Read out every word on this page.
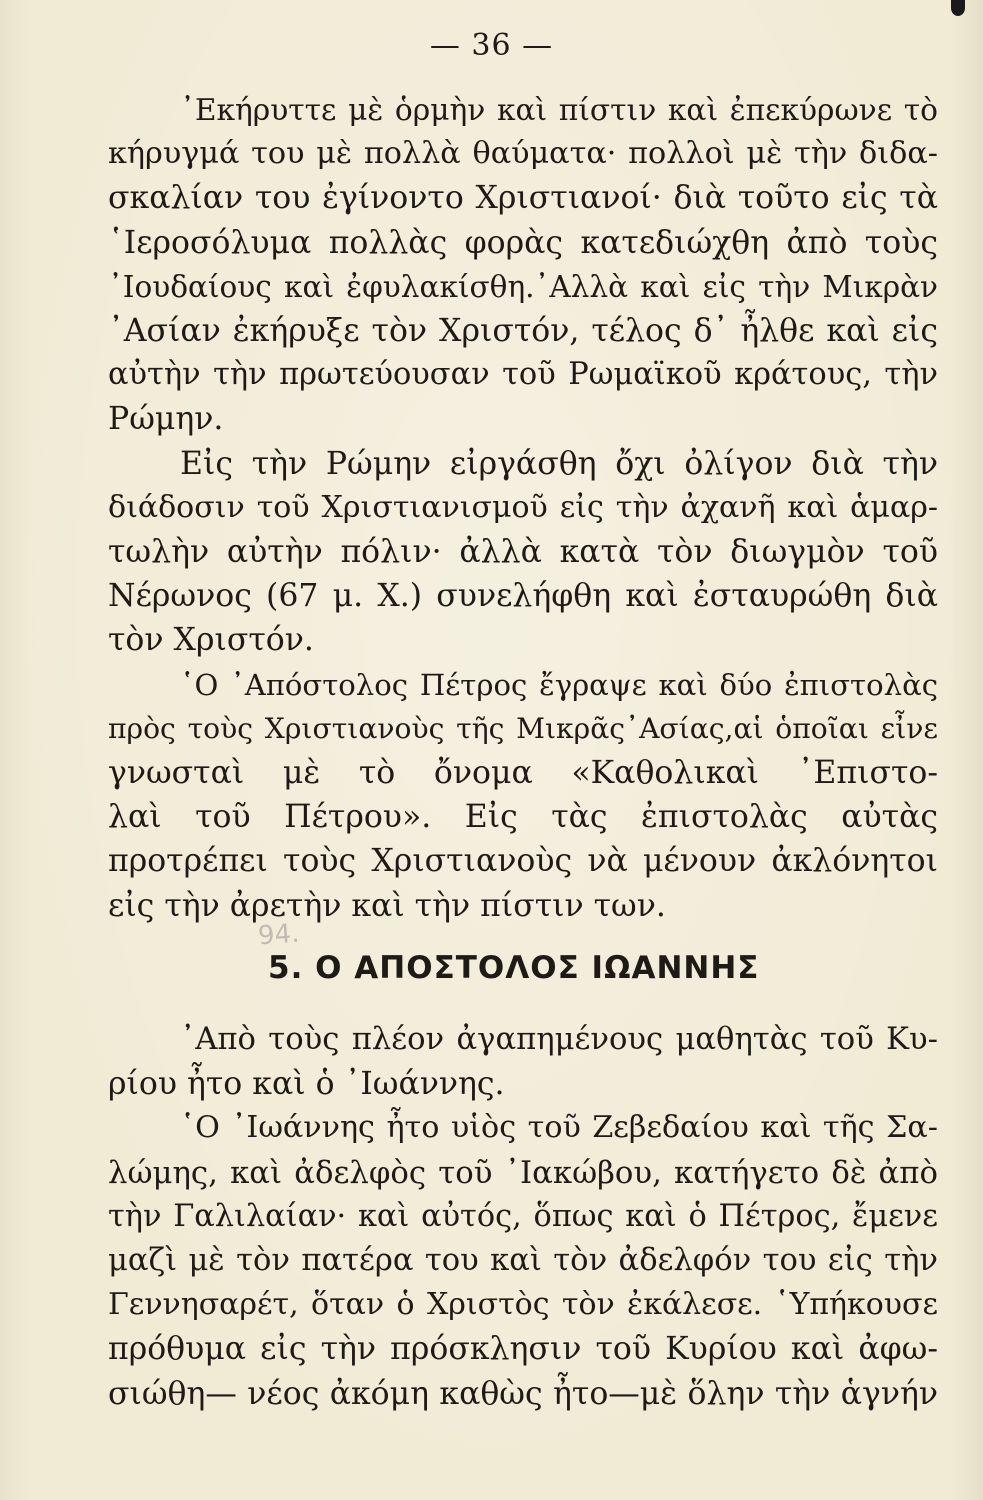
— 36 —
᾿Εκήρυττε μὲ ὁρμὴν καὶ πίστιν καὶ ἐπεκύρωνε τὸ
κήρυγμά του μὲ πολλὰ θαύματα· πολλοὶ μὲ τὴν διδα-
σκαλίαν του ἐγίνοντο Χριστιανοί· διὰ τοῦτο εἰς τὰ
῾Ιεροσόλυμα πολλὰς φορὰς κατεδιώχθη ἀπὸ τοὺς
᾿Ιουδαίους καὶ ἐφυλακίσθη.᾿Αλλὰ καὶ εἰς τὴν Μικρὰν
᾿Ασίαν ἐκήρυξε τὸν Χριστόν, τέλος δ᾿ ἦλθε καὶ εἰς
αὐτὴν τὴν πρωτεύουσαν τοῦ Ρωμαϊκοῦ κράτους, τὴν
Ρώμην.
Εἰς τὴν Ρώμην εἰργάσθη ὄχι ὀλίγον διὰ τὴν
διάδοσιν τοῦ Χριστιανισμοῦ εἰς τὴν ἀχανῆ καὶ ἁμαρ-
τωλὴν αὐτὴν πόλιν· ἀλλὰ κατὰ τὸν διωγμὸν τοῦ
Νέρωνος (67 μ. Χ.) συνελήφθη καὶ ἐσταυρώθη διὰ
τὸν Χριστόν.
῾Ο ᾿Απόστολος Πέτρος ἔγραψε καὶ δύο ἐπιστολὰς
πρὸς τοὺς Χριστιανοὺς τῆς Μικρᾶς᾿Ασίας,αἱ ὁποῖαι εἶνε
γνωσταὶ μὲ τὸ ὄνομα «Καθολικαὶ ᾿Επιστο-
λαὶ τοῦ Πέτρου». Εἰς τὰς ἐπιστολὰς αὐτὰς
προτρέπει τοὺς Χριστιανοὺς νὰ μένουν ἀκλόνητοι
εἰς τὴν ἀρετὴν καὶ τὴν πίστιν των.
94.
5. Ο ΑΠΟΣΤΟΛΟΣ ΙΩΑΝΝΗΣ
᾿Απὸ τοὺς πλέον ἀγαπημένους μαθητὰς τοῦ Κυ-
ρίου ἦτο καὶ ὁ ᾿Ιωάννης.
῾Ο ᾿Ιωάννης ἦτο υἱὸς τοῦ Ζεβεδαίου καὶ τῆς Σα-
λώμης, καὶ ἀδελφὸς τοῦ ᾿Ιακώβου, κατήγετο δὲ ἀπὸ
τὴν Γαλιλαίαν· καὶ αὐτός, ὅπως καὶ ὁ Πέτρος, ἔμενε
μαζὶ μὲ τὸν πατέρα του καὶ τὸν ἀδελφόν του εἰς τὴν
Γεννησαρέτ, ὅταν ὁ Χριστὸς τὸν ἐκάλεσε. ῾Υπήκουσε
πρόθυμα εἰς τὴν πρόσκλησιν τοῦ Κυρίου καὶ ἀφω-
σιώθη— νέος ἀκόμη καθὼς ἦτο—μὲ ὅλην τὴν ἁγνήν
